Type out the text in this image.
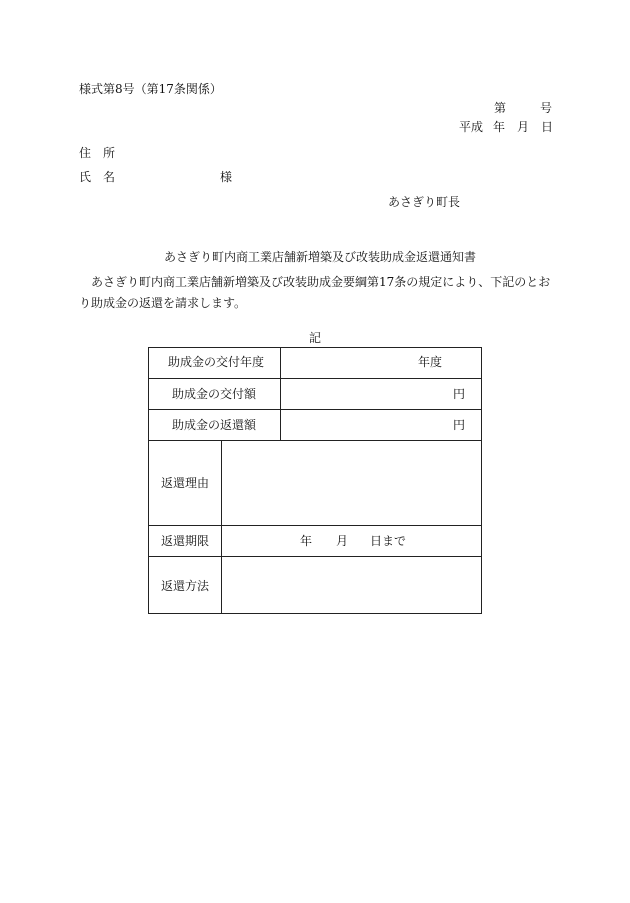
様式第8号（第17条関係）
第	号
平成 年 月 日
住　所
氏　名	様
あさぎり町長
あさぎり町内商工業店舗新増築及び改装助成金返還通知書
あさぎり町内商工業店舗新増築及び改装助成金要綱第17条の規定により、下記のとおり助成金の返還を請求します。
記
助成金の交付年度	年度
助成金の交付額	円
助成金の返還額	円
返還理由
返還期限	年 月 日まで
返還方法
